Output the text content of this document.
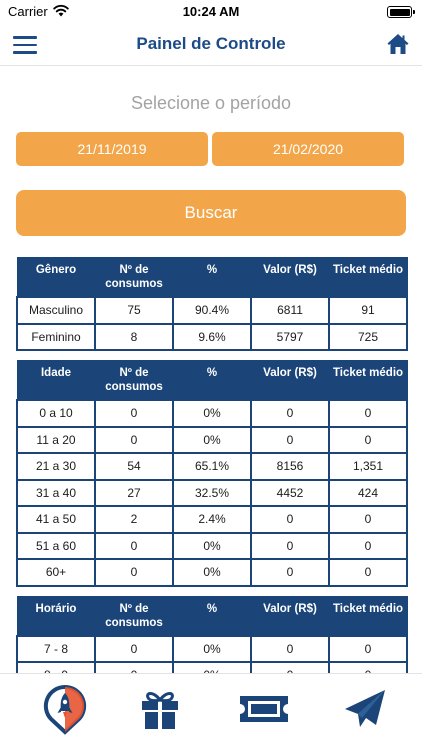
Carrier	10:24 AM
Painel de Controle
Selecione o período
21/11/2019	21/02/2020
Buscar
Gênero	Nº de consumos	%	Valor (R$)	Ticket médio
Masculino	75	90.4%	6811	91
Feminino	8	9.6%	5797	725
Idade	Nº de consumos	%	Valor (R$)	Ticket médio
0 a 10	0	0%	0	0
11 a 20	0	0%	0	0
21 a 30	54	65.1%	8156	1,351
31 a 40	27	32.5%	4452	424
41 a 50	2	2.4%	0	0
51 a 60	0	0%	0	0
60+	0	0%	0	0
Horário	Nº de consumos	%	Valor (R$)	Ticket médio
7 - 8	0	0%	0	0
